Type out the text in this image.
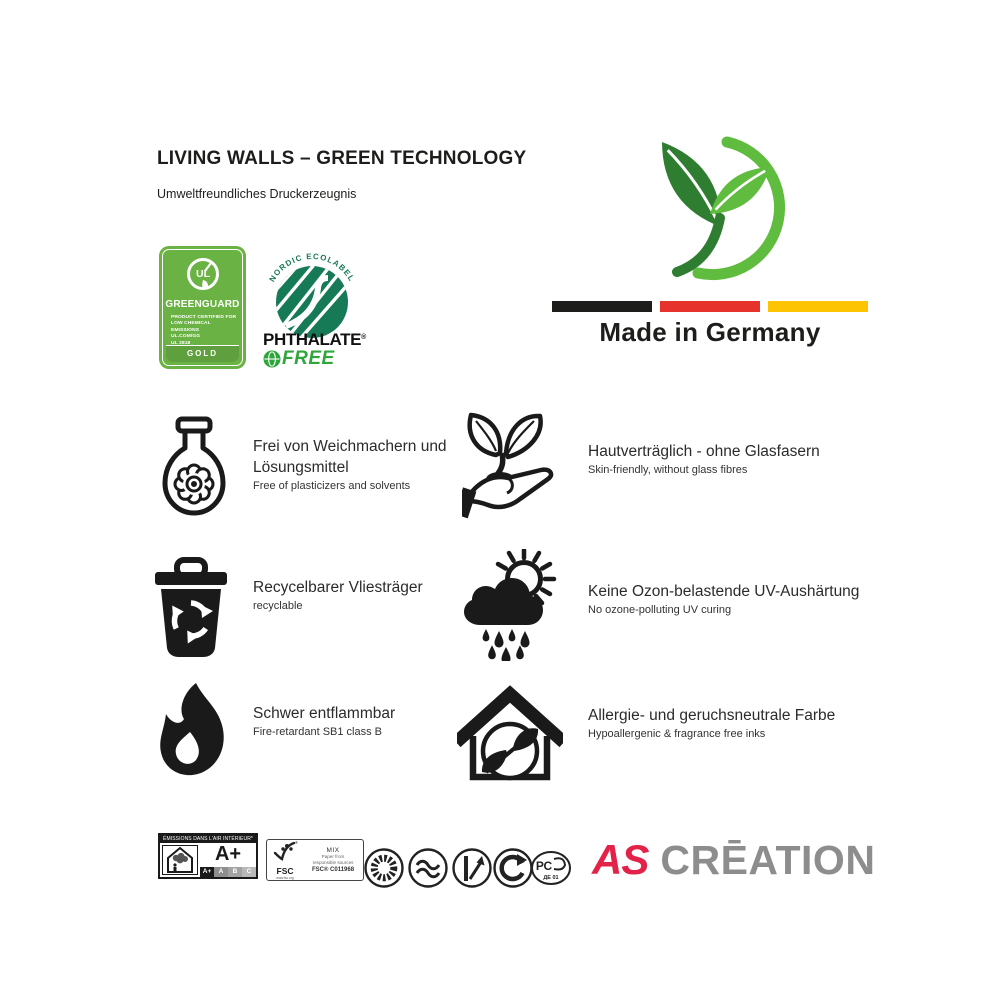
LIVING WALLS – GREEN TECHNOLOGY
Umweltfreundliches Druckerzeugnis
UL
GREENGUARD
PRODUCT CERTIFIED FOR
LOW CHEMICAL EMISSIONS
UL.COM/GG
UL 2818
GOLD
NORDIC ECOLABEL
PHTHALATE®
FREE
Made in Germany
Frei von Weichmachern und Lösungsmittel
Free of plasticizers and solvents
Hautverträglich - ohne Glasfasern
Skin-friendly, without glass fibres
Recycelbarer Vliesträger
recyclable
Keine Ozon-belastende UV-Aushärtung
No ozone-polluting UV curing
Schwer entflammbar
Fire-retardant SB1 class B
Allergie- und geruchsneutrale Farbe
Hypoallergenic & fragrance free inks
ÉMISSIONS DANS L'AIR INTÉRIEUR*
A+
A+	A	B	C
®
FSC
www.fsc.org
MIX
Paper from
responsible sources
FSC® C011968	РС
ДЕ 01 AS CRĒATION
